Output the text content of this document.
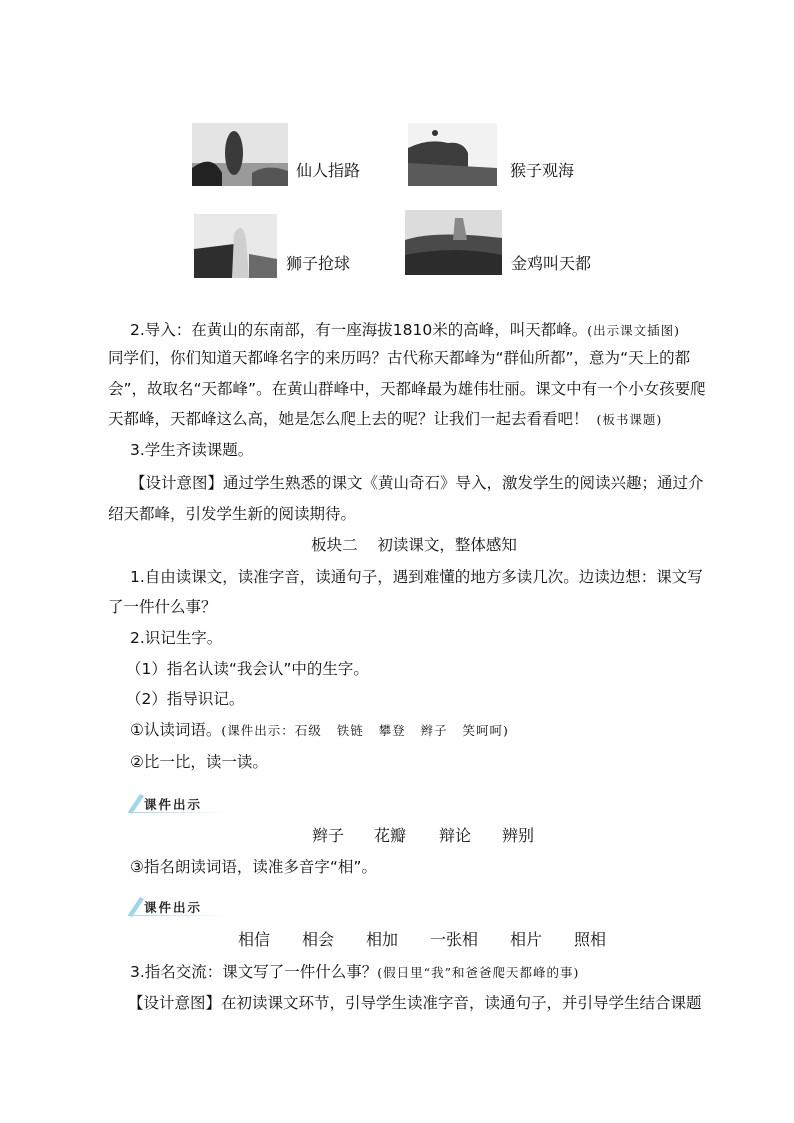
仙人指路	猴子观海
狮子抢球	金鸡叫天都
2.导入：在黄山的东南部，有一座海拔1810米的高峰，叫天都峰。(出示课文插图)
同学们，你们知道天都峰名字的来历吗？古代称天都峰为“群仙所都”，意为“天上的都
会”，故取名“天都峰”。在黄山群峰中，天都峰最为雄伟壮丽。课文中有一个小女孩要爬
天都峰，天都峰这么高，她是怎么爬上去的呢？让我们一起去看看吧！ (板书课题)
3.学生齐读课题。
【设计意图】通过学生熟悉的课文《黄山奇石》导入，激发学生的阅读兴趣；通过介
绍天都峰，引发学生新的阅读期待。
板块二    初读课文，整体感知
1.自由读课文，读准字音，读通句子，遇到难懂的地方多读几次。边读边想：课文写
了一件什么事？
2.识记生字。
（1）指名认读“我会认”中的生字。
（2）指导识记。
①认读词语。(课件出示：石级   铁链   攀登   辫子   笑呵呵)
②比一比，读一读。
课件出示
辫子 花瓣 辩论 辨别
③指名朗读词语，读准多音字“相”。
课件出示
相信 相会 相加 一张相 相片 照相
3.指名交流：课文写了一件什么事？(假日里“我”和爸爸爬天都峰的事)
【设计意图】在初读课文环节，引导学生读准字音，读通句子，并引导学生结合课题
